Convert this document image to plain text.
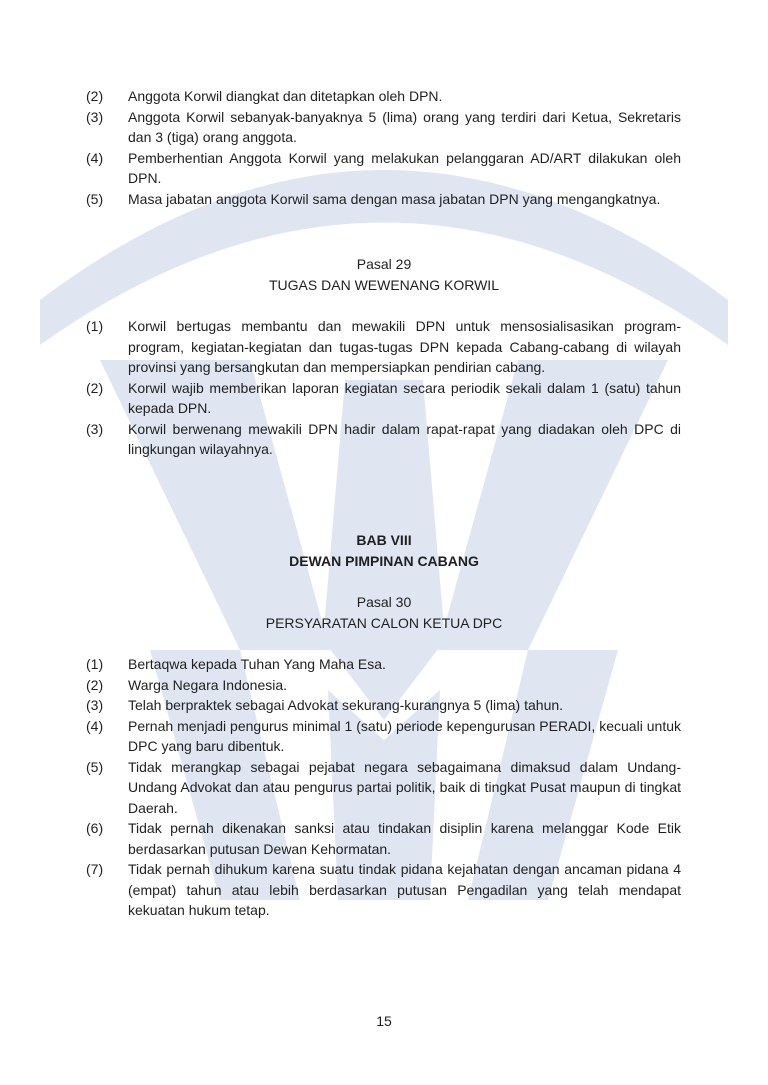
(2)	Anggota Korwil diangkat dan ditetapkan oleh DPN.
(3)	Anggota Korwil sebanyak-banyaknya 5 (lima) orang yang terdiri dari Ketua, Sekretaris dan 3 (tiga) orang anggota.
(4)	Pemberhentian Anggota Korwil yang melakukan pelanggaran AD/ART dilakukan oleh DPN.
(5)	Masa jabatan anggota Korwil sama dengan masa jabatan DPN yang mengangkatnya.
Pasal 29
TUGAS DAN WEWENANG KORWIL
(1)	Korwil bertugas membantu dan mewakili DPN untuk mensosialisasikan program-program, kegiatan-kegiatan dan tugas-tugas DPN kepada Cabang-cabang di wilayah provinsi yang bersangkutan dan mempersiapkan pendirian cabang.
(2)	Korwil wajib memberikan laporan kegiatan secara periodik sekali dalam 1 (satu) tahun kepada DPN.
(3)	Korwil berwenang mewakili DPN hadir dalam rapat-rapat yang diadakan oleh DPC di lingkungan wilayahnya.
BAB VIII
DEWAN PIMPINAN CABANG
Pasal 30
PERSYARATAN CALON KETUA DPC
(1)	Bertaqwa kepada Tuhan Yang Maha Esa.
(2)	Warga Negara Indonesia.
(3)	Telah berpraktek sebagai Advokat sekurang-kurangnya 5 (lima) tahun.
(4)	Pernah menjadi pengurus minimal 1 (satu) periode kepengurusan PERADI, kecuali untuk DPC yang baru dibentuk.
(5)	Tidak merangkap sebagai pejabat negara sebagaimana dimaksud dalam Undang-Undang Advokat dan atau pengurus partai politik, baik di tingkat Pusat maupun di tingkat Daerah.
(6)	Tidak pernah dikenakan sanksi atau tindakan disiplin karena melanggar Kode Etik berdasarkan putusan Dewan Kehormatan.
(7)	Tidak pernah dihukum karena suatu tindak pidana kejahatan dengan ancaman pidana 4 (empat) tahun atau lebih berdasarkan putusan Pengadilan yang telah mendapat kekuatan hukum tetap.
15
